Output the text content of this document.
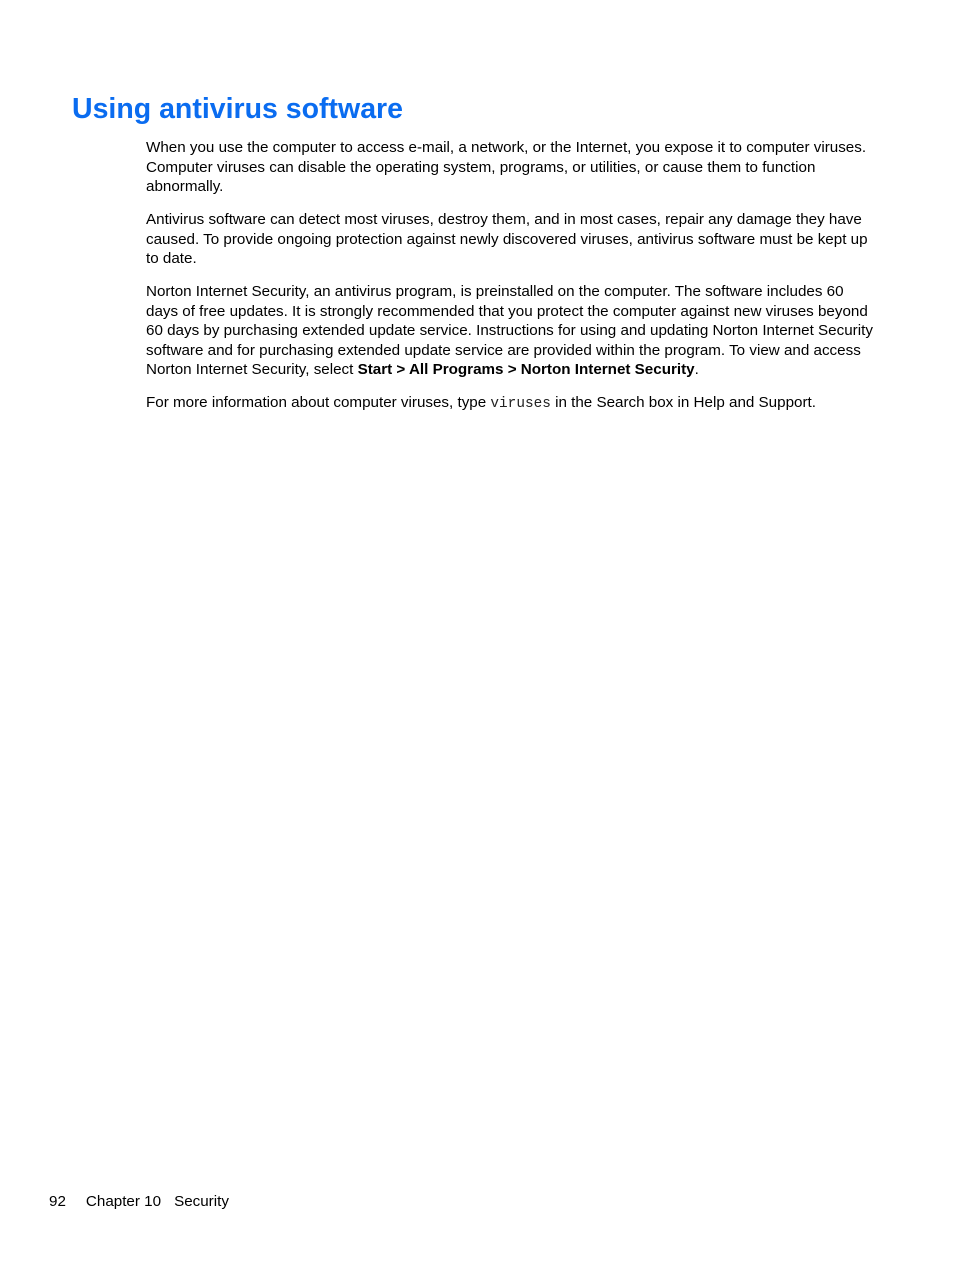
Using antivirus software

When you use the computer to access e-mail, a network, or the Internet, you expose it to computer viruses. Computer viruses can disable the operating system, programs, or utilities, or cause them to function abnormally.

Antivirus software can detect most viruses, destroy them, and in most cases, repair any damage they have caused. To provide ongoing protection against newly discovered viruses, antivirus software must be kept up to date.

Norton Internet Security, an antivirus program, is preinstalled on the computer. The software includes 60 days of free updates. It is strongly recommended that you protect the computer against new viruses beyond 60 days by purchasing extended update service. Instructions for using and updating Norton Internet Security software and for purchasing extended update service are provided within the program. To view and access Norton Internet Security, select Start > All Programs > Norton Internet Security.

For more information about computer viruses, type viruses in the Search box in Help and Support.

92 Chapter 10 Security
